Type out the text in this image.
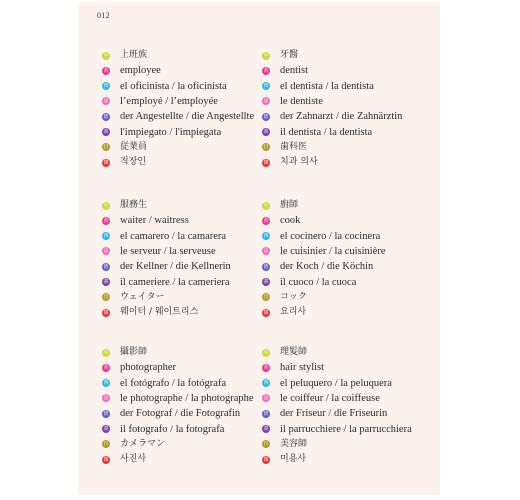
012
中 上班族
英 employee
西 el oficinista / la oficinista
法 l’employé / l’employée
德 der Angestellte / die Angestellte
義 l'impiegato / l'impiegata
日 従業員
韓 직장인
中 牙醫
英 dentist
西 el dentista / la dentista
法 le dentiste
德 der Zahnarzt / die Zahnärztin
義 il dentista / la dentista
日 歯科医
韓 치과 의사
中 服務生
英 waiter / waitress
西 el camarero / la camarera
法 le serveur / la serveuse
德 der Kellner / die Kellnerin
義 il cameriere / la cameriera
日 ウェイター
韓 웨이터 / 웨이트리스
中 廚師
英 cook
西 el cocinero / la cocinera
法 le cuisinier / la cuisinière
德 der Koch / die Köchin
義 il cuoco / la cuoca
日 コック
韓 요리사
中 攝影師
英 photographer
西 el fotógrafo / la fotógrafa
法 le photographe / la photographe
德 der Fotograf / die Fotografin
義 il fotografo / la fotografa
日 カメラマン
韓 사진사
中 理髮師
英 hair stylist
西 el peluquero / la peluquera
法 le coiffeur / la coiffeuse
德 der Friseur / die Friseurin
義 il parrucchiere / la parrucchiera
日 美容師
韓 미용사
